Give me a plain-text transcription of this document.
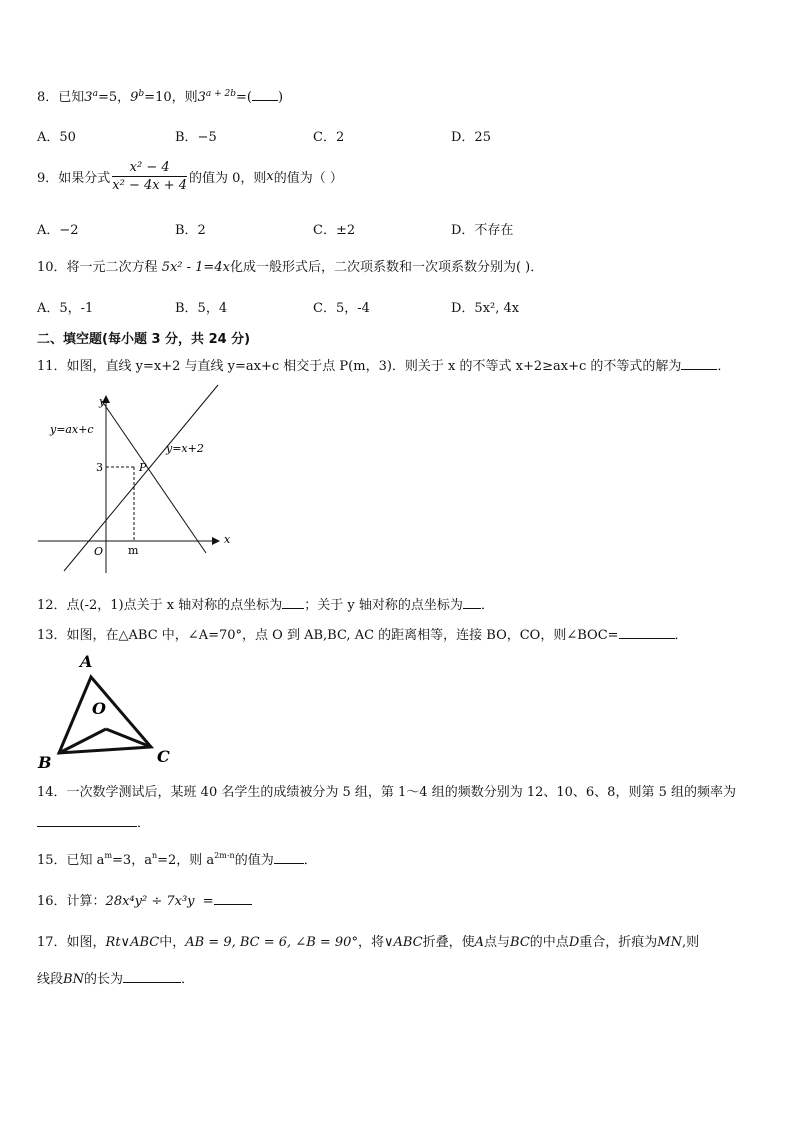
8．已知$3^a=5$，$9^b=10$，则$3^{a + 2b}=$( )
A．50	B．−5	C．2	D．25
9．如果分式 $\frac{\text{x² − 4}}{\text{x² − 4x + 4}}$ 的值为 0，则x的值为（ ）
A．−2	B．2	C．±2	D．不存在
10．将一元二次方程 5x² - 1=4x化成一般形式后，二次项系数和一次项系数分别为( )．
A．5，-1	B．5，4	C．5，-4	D．5x², 4x
二、填空题(每小题 3 分，共 24 分)
11．如图，直线 y=x+2 与直线 y=ax+c 相交于点 P(m，3)．则关于 x 的不等式 x+2≥ax+c 的不等式的解为	．
y=ax+c
y=x+2
y
x
O
3
m
P
12．点(-2，1)点关于 x 轴对称的点坐标为 ；关于 y 轴对称的点坐标为 ．
13．如图，在△ABC 中，∠A=70°，点 O 到 AB,BC, AC 的距离相等，连接 BO，CO，则∠BOC=	．
A
O
B	C
14．一次数学测试后，某班 40 名学生的成绩被分为 5 组，第 1～4 组的频数分别为 12、10、6、8，则第 5 组的频率为
．
15．已知 $a^m=3$，$a^n=2$，则 $a^{2m-n}$的值为 ．
16．计算：28x⁴y² ÷ 7x³y =
17．如图，Rt∨ABC中，AB = 9, BC = 6, ∠B = 90°，将∨ABC折叠，使A点与BC的中点D重合，折痕为MN,则
线段BN的长为	．
